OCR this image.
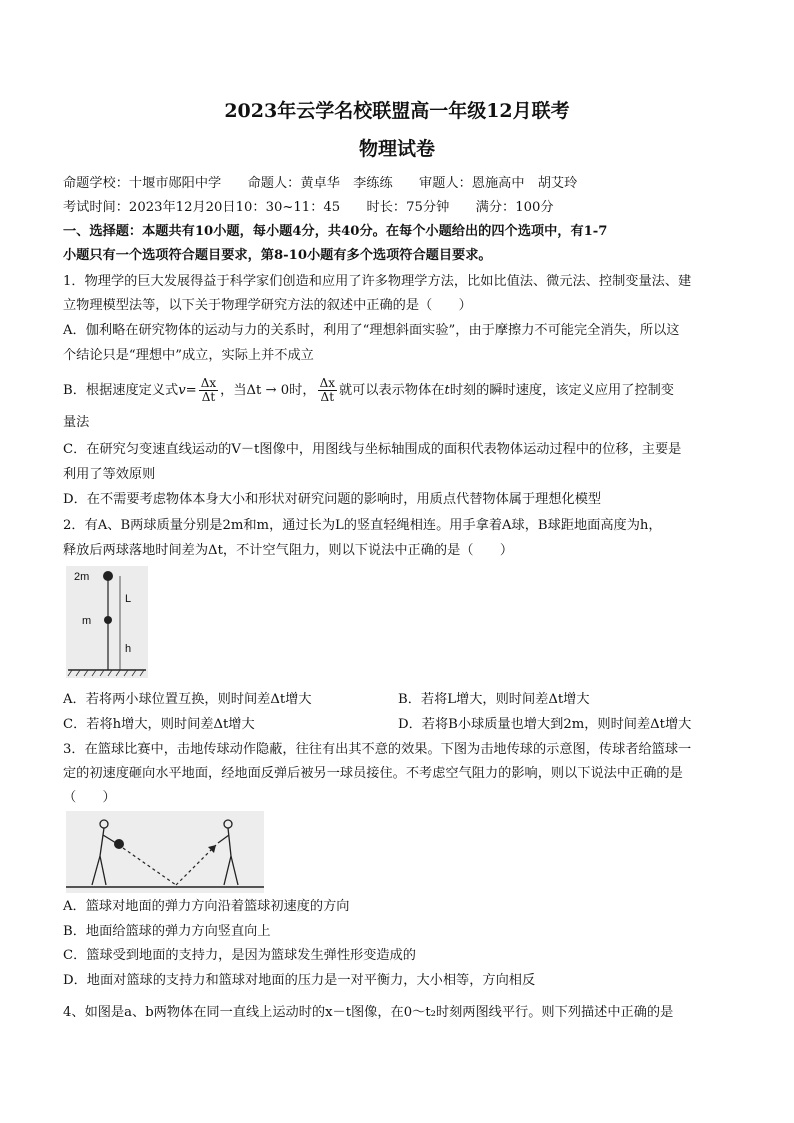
2023年云学名校联盟高一年级12月联考
物理试卷
命题学校：十堰市郧阳中学　　命题人：黄卓华　李练练　　审题人：恩施高中　胡艾玲
考试时间：2023年12月20日10：30~11：45　　时长：75分钟　　满分：100分
一、选择题：本题共有10小题，每小题4分，共40分。在每个小题给出的四个选项中，有1-7
小题只有一个选项符合题目要求，第8-10小题有多个选项符合题目要求。
1．物理学的巨大发展得益于科学家们创造和应用了许多物理学方法，比如比值法、微元法、控制变量法、建
立物理模型法等，以下关于物理学研究方法的叙述中正确的是（　　）
A．伽利略在研究物体的运动与力的关系时，利用了“理想斜面实验”，由于摩擦力不可能完全消失，所以这
个结论只是“理想中”成立，实际上并不成立
B．根据速度定义式$v= \frac{\Delta x}{\Delta t}$ ，当Δt → 0时， $\frac{\Delta x}{\Delta t}$ 就可以表示物体在t时刻的瞬时速度，该定义应用了控制变
量法
C．在研究匀变速直线运动的V－t图像中，用图线与坐标轴围成的面积代表物体运动过程中的位移，主要是
利用了等效原则
D．在不需要考虑物体本身大小和形状对研究问题的影响时，用质点代替物体属于理想化模型
2．有A、B两球质量分别是2m和m，通过长为L的竖直轻绳相连。用手拿着A球，B球距地面高度为h，
释放后两球落地时间差为Δt，不计空气阻力，则以下说法中正确的是（　　）
2m
m
L
h
A．若将两小球位置互换，则时间差Δt增大	B．若将L增大，则时间差Δt增大
C．若将h增大，则时间差Δt增大	D．若将B小球质量也增大到2m，则时间差Δt增大
3．在篮球比赛中，击地传球动作隐蔽，往往有出其不意的效果。下图为击地传球的示意图，传球者给篮球一
定的初速度砸向水平地面，经地面反弹后被另一球员接住。不考虑空气阻力的影响，则以下说法中正确的是
（　　）
A．篮球对地面的弹力方向沿着篮球初速度的方向
B．地面给篮球的弹力方向竖直向上
C．篮球受到地面的支持力，是因为篮球发生弹性形变造成的
D．地面对篮球的支持力和篮球对地面的压力是一对平衡力，大小相等，方向相反
4、如图是a、b两物体在同一直线上运动时的x－t图像，在0～t₂时刻两图线平行。则下列描述中正确的是
